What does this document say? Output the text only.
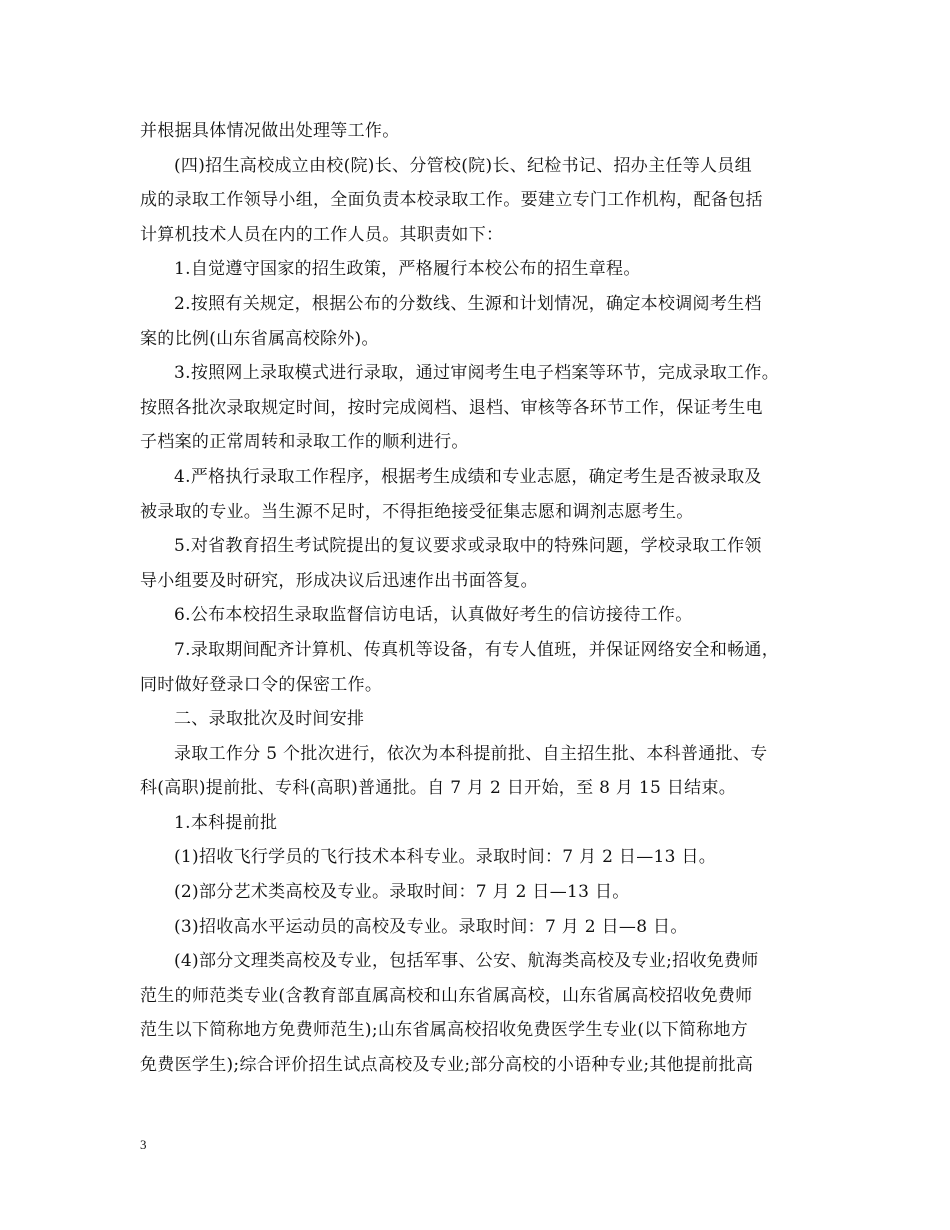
并根据具体情况做出处理等工作。
(四)招生高校成立由校(院)长、分管校(院)长、纪检书记、招办主任等人员组
成的录取工作领导小组，全面负责本校录取工作。要建立专门工作机构，配备包括
计算机技术人员在内的工作人员。其职责如下：
1.自觉遵守国家的招生政策，严格履行本校公布的招生章程。
2.按照有关规定，根据公布的分数线、生源和计划情况，确定本校调阅考生档
案的比例(山东省属高校除外)。
3.按照网上录取模式进行录取，通过审阅考生电子档案等环节，完成录取工作。
按照各批次录取规定时间，按时完成阅档、退档、审核等各环节工作，保证考生电
子档案的正常周转和录取工作的顺利进行。
4.严格执行录取工作程序，根据考生成绩和专业志愿，确定考生是否被录取及
被录取的专业。当生源不足时，不得拒绝接受征集志愿和调剂志愿考生。
5.对省教育招生考试院提出的复议要求或录取中的特殊问题，学校录取工作领
导小组要及时研究，形成决议后迅速作出书面答复。
6.公布本校招生录取监督信访电话，认真做好考生的信访接待工作。
7.录取期间配齐计算机、传真机等设备，有专人值班，并保证网络安全和畅通，
同时做好登录口令的保密工作。
二、录取批次及时间安排
录取工作分 5 个批次进行，依次为本科提前批、自主招生批、本科普通批、专
科(高职)提前批、专科(高职)普通批。自 7 月 2 日开始，至 8 月 15 日结束。
1.本科提前批
(1)招收飞行学员的飞行技术本科专业。录取时间：7 月 2 日—13 日。
(2)部分艺术类高校及专业。录取时间：7 月 2 日—13 日。
(3)招收高水平运动员的高校及专业。录取时间：7 月 2 日—8 日。
(4)部分文理类高校及专业，包括军事、公安、航海类高校及专业;招收免费师
范生的师范类专业(含教育部直属高校和山东省属高校，山东省属高校招收免费师
范生以下简称地方免费师范生);山东省属高校招收免费医学生专业(以下简称地方
免费医学生);综合评价招生试点高校及专业;部分高校的小语种专业;其他提前批高
3
